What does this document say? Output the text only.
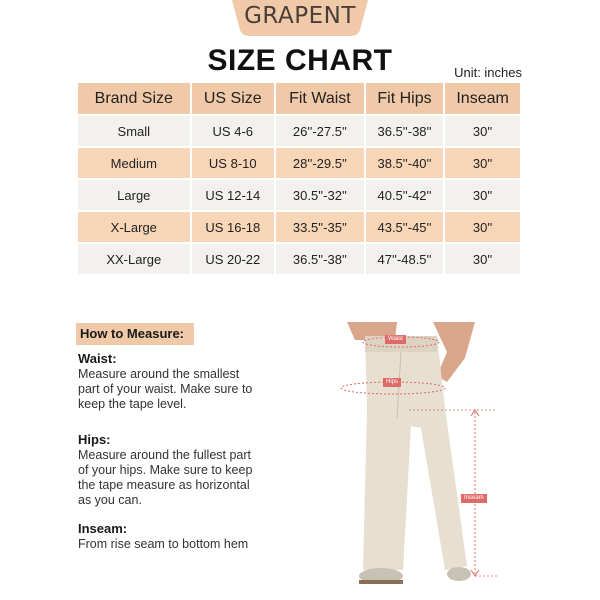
GRAPENT
SIZE CHART	Unit: inches
Brand Size	US Size	Fit Waist	Fit Hips	Inseam
Small	US 4-6	26''-27.5''	36.5''-38''	30''
Medium	US 8-10	28''-29.5''	38.5''-40''	30''
Large	US 12-14	30.5''-32''	40.5''-42''	30''
X-Large	US 16-18	33.5''-35''	43.5''-45''	30''
XX-Large	US 20-22	36.5''-38''	47''-48.5''	30''
How to Measure:
Waist:
Measure around the smallest part of your waist. Make sure to keep the tape level.
Hips:
Measure around the fullest part of your hips. Make sure to keep the tape measure as horizontal as you can.
Inseam:
From rise seam to bottom hem
Waist
Hips
Inseam
